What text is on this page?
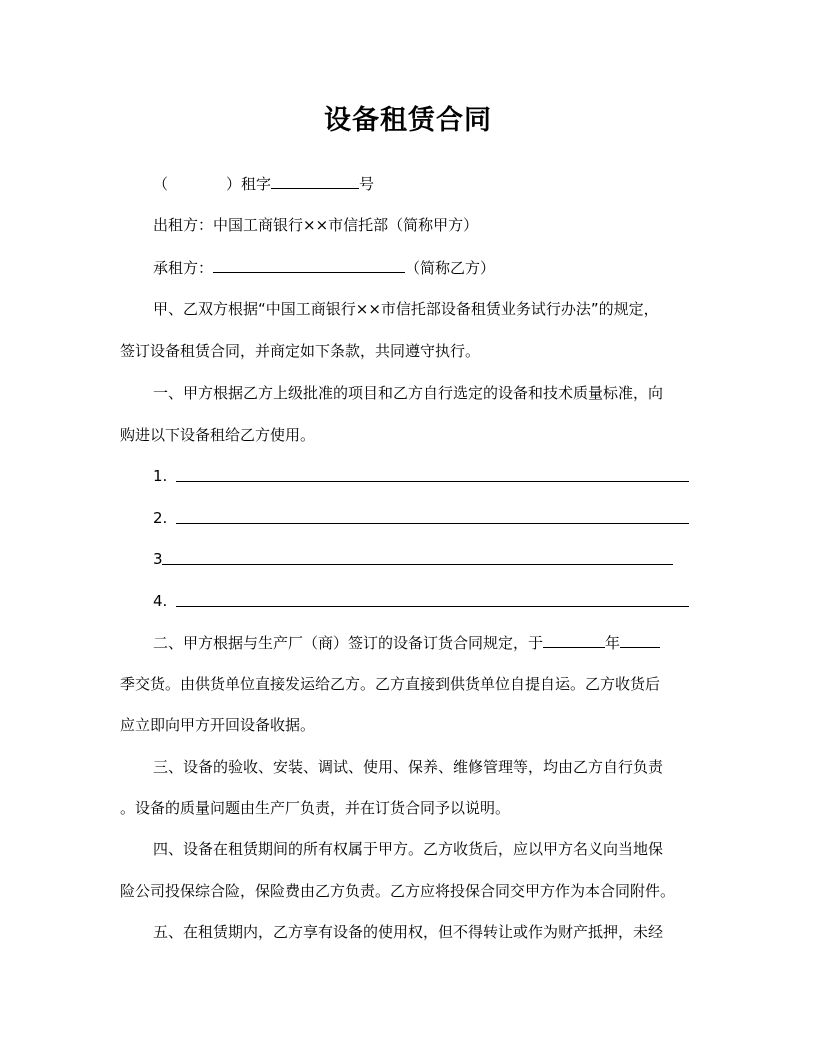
设备租赁合同
（	）租字	号
出租方：中国工商银行××市信托部（简称甲方）
承租方：	（简称乙方）
甲、乙双方根据“中国工商银行××市信托部设备租赁业务试行办法”的规定，
签订设备租赁合同，并商定如下条款，共同遵守执行。
一、甲方根据乙方上级批准的项目和乙方自行选定的设备和技术质量标准，向
购进以下设备租给乙方使用。
1.
2.
3
4.
二、甲方根据与生产厂（商）签订的设备订货合同规定，于	年
季交货。由供货单位直接发运给乙方。乙方直接到供货单位自提自运。乙方收货后
应立即向甲方开回设备收据。
三、设备的验收、安装、调试、使用、保养、维修管理等，均由乙方自行负责
。设备的质量问题由生产厂负责，并在订货合同予以说明。
四、设备在租赁期间的所有权属于甲方。乙方收货后，应以甲方名义向当地保
险公司投保综合险，保险费由乙方负责。乙方应将投保合同交甲方作为本合同附件。
五、在租赁期内，乙方享有设备的使用权，但不得转让或作为财产抵押，未经
